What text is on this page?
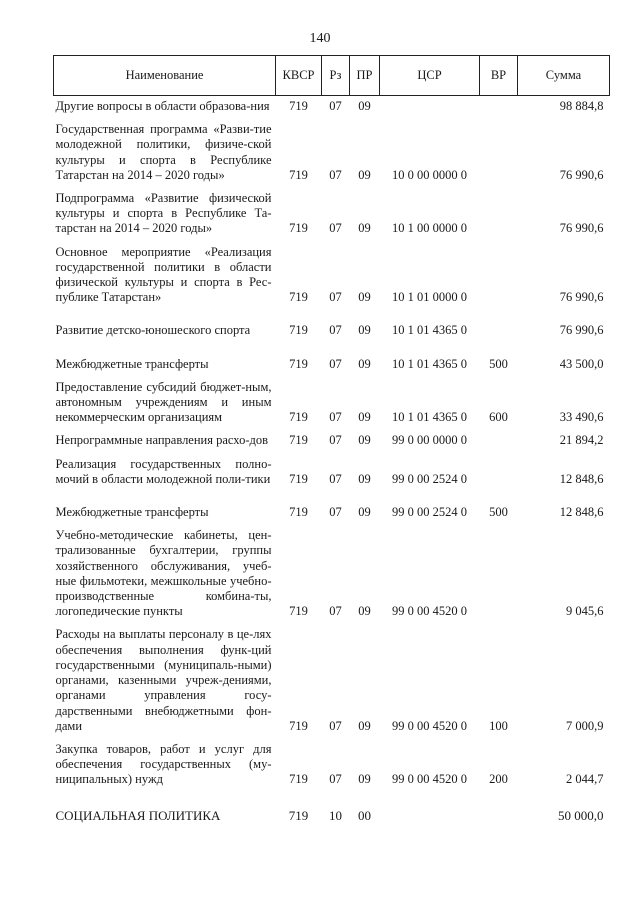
140
Наименование	КВСР	Рз	ПР	ЦСР	ВР	Сумма
Другие вопросы в области образова-ния	719	07	09			98 884,8
Государственная программа «Разви-тие молодежной политики, физиче-ской культуры и спорта в Республике Татарстан на 2014 – 2020 годы»	719	07	09	10 0 00 0000 0		76 990,6
Подпрограмма «Развитие физической культуры и спорта в Республике Та-тарстан на 2014 – 2020 годы»	719	07	09	10 1 00 0000 0		76 990,6
Основное мероприятие «Реализация государственной политики в области физической культуры и спорта в Рес-публике Татарстан»	719	07	09	10 1 01 0000 0		76 990,6
Развитие детско-юношеского спорта	719	07	09	10 1 01 4365 0		76 990,6
Межбюджетные трансферты	719	07	09	10 1 01 4365 0	500	43 500,0
Предоставление субсидий бюджет-ным, автономным учреждениям и иным некоммерческим организациям	719	07	09	10 1 01 4365 0	600	33 490,6
Непрограммные направления расхо-дов	719	07	09	99 0 00 0000 0		21 894,2
Реализация государственных полно-мочий в области молодежной поли-тики	719	07	09	99 0 00 2524 0		12 848,6
Межбюджетные трансферты	719	07	09	99 0 00 2524 0	500	12 848,6
Учебно-методические кабинеты, цен-трализованные бухгалтерии, группы хозяйственного обслуживания, учеб-ные фильмотеки, межшкольные учебно-производственные комбина-ты, логопедические пункты	719	07	09	99 0 00 4520 0		9 045,6
Расходы на выплаты персоналу в це-лях обеспечения выполнения функ-ций государственными (муниципаль-ными) органами, казенными учреж-дениями, органами управления госу-дарственными внебюджетными фон-дами	719	07	09	99 0 00 4520 0	100	7 000,9
Закупка товаров, работ и услуг для обеспечения государственных (му-ниципальных) нужд	719	07	09	99 0 00 4520 0	200	2 044,7
СОЦИАЛЬНАЯ ПОЛИТИКА	719	10	00			50 000,0
